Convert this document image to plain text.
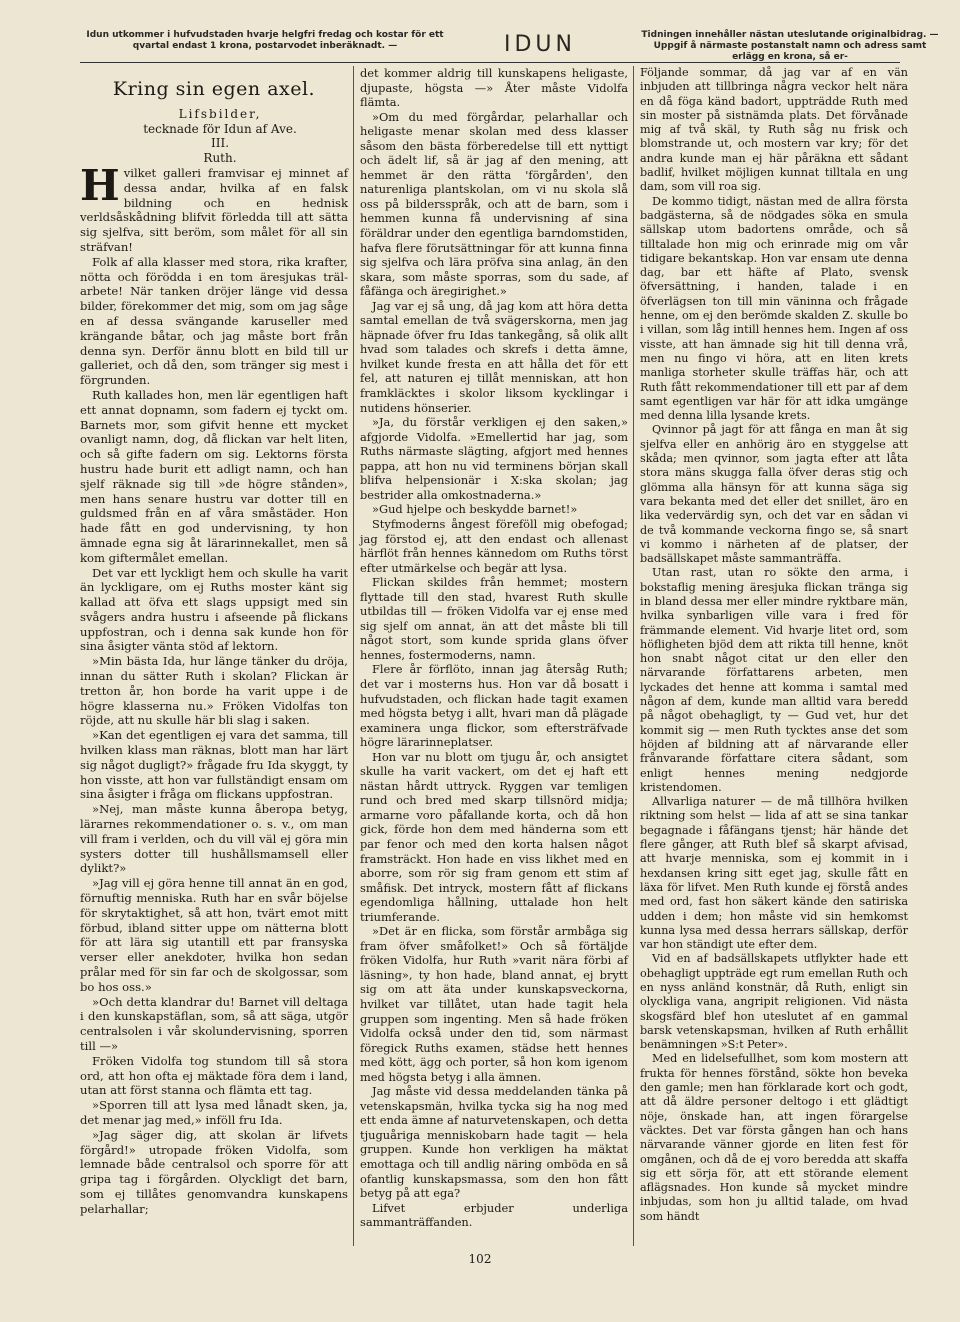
Idun utkommer i hufvudstaden hvarje helgfri fredag och kostar för ett qvartal endast 1 krona, postarvodet inberäknadt. —	IDUN	Tidningen innehåller nästan uteslutande originalbidrag. — Uppgif å närmaste postanstalt namn och adress samt erlägg en krona, så er-
Kring sin egen axel.

Lifsbilder,

tecknade för Idun af Ave.

III.

Ruth.

Hvilket galleri framvisar ej minnet af dessa andar, hvilka af en falsk bildning och en hednisk verldsåskådning blifvit förledda till att sätta sig sjelfva, sitt beröm, som målet för all sin sträfvan!

Folk af alla klasser med stora, rika krafter, nötta och förödda i en tom äresjukas träl-arbete! När tanken dröjer länge vid dessa bilder, förekommer det mig, som om jag såge en af dessa svängande karuseller med krängande båtar, och jag måste bort från denna syn. Derför ännu blott en bild till ur galleriet, och då den, som tränger sig mest i förgrunden.

Ruth kallades hon, men lär egentligen haft ett annat dopnamn, som fadern ej tyckt om. Barnets mor, som gifvit henne ett mycket ovanligt namn, dog, då flickan var helt liten, och så gifte fadern om sig. Lektorns första hustru hade burit ett adligt namn, och han sjelf räknade sig till »de högre stånden», men hans senare hustru var dotter till en guldsmed från en af våra småstäder. Hon hade fått en god undervisning, ty hon ämnade egna sig åt lärarinnekallet, men så kom giftermålet emellan.

Det var ett lyckligt hem och skulle ha varit än lyckligare, om ej Ruths moster känt sig kallad att öfva ett slags uppsigt med sin svågers andra hustru i afseende på flickans uppfostran, och i denna sak kunde hon för sina åsigter vänta stöd af lektorn.

»Min bästa Ida, hur länge tänker du dröja, innan du sätter Ruth i skolan? Flickan är tretton år, hon borde ha varit uppe i de högre klasserna nu.» Fröken Vidolfas ton röjde, att nu skulle här bli slag i saken.

»Kan det egentligen ej vara det samma, till hvilken klass man räknas, blott man har lärt sig något dugligt?» frågade fru Ida skyggt, ty hon visste, att hon var fullständigt ensam om sina åsigter i fråga om flickans uppfostran.

»Nej, man måste kunna åberopa betyg, lärarnes rekommendationer o. s. v., om man vill fram i verlden, och du vill väl ej göra min systers dotter till hushållsmamsell eller dylikt?»

»Jag vill ej göra henne till annat än en god, förnuftig menniska. Ruth har en svår böjelse för skrytaktighet, så att hon, tvärt emot mitt förbud, ibland sitter uppe om nätterna blott för att lära sig utantill ett par fransyska verser eller anekdoter, hvilka hon sedan prålar med för sin far och de skolgossar, som bo hos oss.»

»Och detta klandrar du! Barnet vill deltaga i den kunskapstäflan, som, så att säga, utgör centralsolen i vår skolundervisning, sporren till —»

Fröken Vidolfa tog stundom till så stora ord, att hon ofta ej mäktade föra dem i land, utan att först stanna och flämta ett tag.

»Sporren till att lysa med lånadt sken, ja, det menar jag med,» inföll fru Ida.

»Jag säger dig, att skolan är lifvets förgård!» utropade fröken Vidolfa, som lemnade både centralsol och sporre för att gripa tag i förgården. Olyckligt det barn, som ej tillåtes genomvandra kunskapens pelarhallar;

det kommer aldrig till kunskapens heligaste, djupaste, högsta —» Åter måste Vidolfa flämta.

»Om du med förgårdar, pelarhallar och heligaste menar skolan med dess klasser såsom den bästa förberedelse till ett nyttigt och ädelt lif, så är jag af den mening, att hemmet är den rätta 'förgården', den naturenliga plantskolan, om vi nu skola slå oss på bildersspråk, och att de barn, som i hemmen kunna få undervisning af sina föräldrar under den egentliga barndomstiden, hafva flere förutsättningar för att kunna finna sig sjelfva och lära pröfva sina anlag, än den skara, som måste sporras, som du sade, af fåfänga och äregirighet.»

Jag var ej så ung, då jag kom att höra detta samtal emellan de två svägerskorna, men jag häpnade öfver fru Idas tankegång, så olik allt hvad som talades och skrefs i detta ämne, hvilket kunde fresta en att hålla det för ett fel, att naturen ej tillåt menniskan, att hon framkläcktes i skolor liksom kycklingar i nutidens hönserier.

»Ja, du förstår verkligen ej den saken,» afgjorde Vidolfa. »Emellertid har jag, som Ruths närmaste slägting, afgjort med hennes pappa, att hon nu vid terminens början skall blifva helpensionär i X:ska skolan; jag bestrider alla omkostnaderna.»

»Gud hjelpe och beskydde barnet!»

Styfmoderns ångest föreföll mig obefogad; jag förstod ej, att den endast och allenast härflöt från hennes kännedom om Ruths törst efter utmärkelse och begär att lysa.

Flickan skildes från hemmet; mostern flyttade till den stad, hvarest Ruth skulle utbildas till — fröken Vidolfa var ej ense med sig sjelf om annat, än att det måste bli till något stort, som kunde sprida glans öfver hennes, fostermoderns, namn.

Flere år förflöto, innan jag återsåg Ruth; det var i mosterns hus. Hon var då bosatt i hufvudstaden, och flickan hade tagit examen med högsta betyg i allt, hvari man då plägade examinera unga flickor, som eftersträfvade högre lärarinneplatser.

Hon var nu blott om tjugu år, och ansigtet skulle ha varit vackert, om det ej haft ett nästan hårdt uttryck. Ryggen var temligen rund och bred med skarp tillsnörd midja; armarne voro påfallande korta, och då hon gick, förde hon dem med händerna som ett par fenor och med den korta halsen något framsträckt. Hon hade en viss likhet med en aborre, som rör sig fram genom ett stim af småfisk. Det intryck, mostern fått af flickans egendomliga hållning, uttalade hon helt triumferande.

»Det är en flicka, som förstår armbåga sig fram öfver småfolket!» Och så förtäljde fröken Vidolfa, hur Ruth »varit nära förbi af läsning», ty hon hade, bland annat, ej brytt sig om att äta under kunskapsveckorna, hvilket var tillåtet, utan hade tagit hela gruppen som ingenting. Men så hade fröken Vidolfa också under den tid, som närmast föregick Ruths examen, städse hett hennes med kött, ägg och porter, så hon kom igenom med högsta betyg i alla ämnen.

Jag måste vid dessa meddelanden tänka på vetenskapsmän, hvilka tycka sig ha nog med ett enda ämne af naturvetenskapen, och detta tjuguåriga menniskobarn hade tagit — hela gruppen. Kunde hon verkligen ha mäktat emottaga och till andlig näring omböda en så ofantlig kunskapsmassa, som den hon fått betyg på att ega?

Lifvet erbjuder underliga sammanträffanden.

Följande sommar, då jag var af en vän inbjuden att tillbringa några veckor helt nära en då föga känd badort, uppträdde Ruth med sin moster på sistnämda plats. Det förvånade mig af två skäl, ty Ruth såg nu frisk och blomstrande ut, och mostern var kry; för det andra kunde man ej här påräkna ett sådant badlif, hvilket möjligen kunnat tilltala en ung dam, som vill roa sig.

De kommo tidigt, nästan med de allra första badgästerna, så de nödgades söka en smula sällskap utom badortens område, och så tilltalade hon mig och erinrade mig om vår tidigare bekantskap. Hon var ensam ute denna dag, bar ett häfte af Plato, svensk öfversättning, i handen, talade i en öfverlägsen ton till min väninna och frågade henne, om ej den berömde skalden Z. skulle bo i villan, som låg intill hennes hem. Ingen af oss visste, att han ämnade sig hit till denna vrå, men nu fingo vi höra, att en liten krets manliga storheter skulle träffas här, och att Ruth fått rekommendationer till ett par af dem samt egentligen var här för att idka umgänge med denna lilla lysande krets.

Qvinnor på jagt för att fånga en man åt sig sjelfva eller en anhörig äro en styggelse att skåda; men qvinnor, som jagta efter att låta stora mäns skugga falla öfver deras stig och glömma alla hänsyn för att kunna säga sig vara bekanta med det eller det snillet, äro en lika vedervärdig syn, och det var en sådan vi de två kommande veckorna fingo se, så snart vi kommo i närheten af de platser, der badsällskapet måste sammanträffa.

Utan rast, utan ro sökte den arma, i bokstaflig mening äresjuka flickan tränga sig in bland dessa mer eller mindre ryktbare män, hvilka synbarligen ville vara i fred för främmande element. Vid hvarje litet ord, som höfligheten bjöd dem att rikta till henne, knöt hon snabt något citat ur den eller den närvarande författarens arbeten, men lyckades det henne att komma i samtal med någon af dem, kunde man alltid vara beredd på något obehagligt, ty — Gud vet, hur det kommit sig — men Ruth tycktes anse det som höjden af bildning att af närvarande eller frånvarande författare citera sådant, som enligt hennes mening nedgjorde kristendomen.

Allvarliga naturer — de må tillhöra hvilken riktning som helst — lida af att se sina tankar begagnade i fåfängans tjenst; här hände det flere gånger, att Ruth blef så skarpt afvisad, att hvarje menniska, som ej kommit in i hexdansen kring sitt eget jag, skulle fått en läxa för lifvet. Men Ruth kunde ej förstå andes med ord, fast hon säkert kände den satiriska udden i dem; hon måste vid sin hemkomst kunna lysa med dessa herrars sällskap, derför var hon ständigt ute efter dem.

Vid en af badsällskapets utflykter hade ett obehagligt uppträde egt rum emellan Ruth och en nyss anländ konstnär, då Ruth, enligt sin olyckliga vana, angripit religionen. Vid nästa skogsfärd blef hon uteslutet af en gammal barsk vetenskapsman, hvilken af Ruth erhållit benämningen »S:t Peter».

Med en lidelsefullhet, som kom mostern att frukta för hennes förstånd, sökte hon beveka den gamle; men han förklarade kort och godt, att då äldre personer deltogo i ett glädtigt nöje, önskade han, att ingen förargelse väcktes. Det var första gången han och hans närvarande vänner gjorde en liten fest för omgånen, och då de ej voro beredda att skaffa sig ett sörja för, att ett störande element aflägsnades. Hon kunde så mycket mindre inbjudas, som hon ju alltid talade, om hvad som händt

102
